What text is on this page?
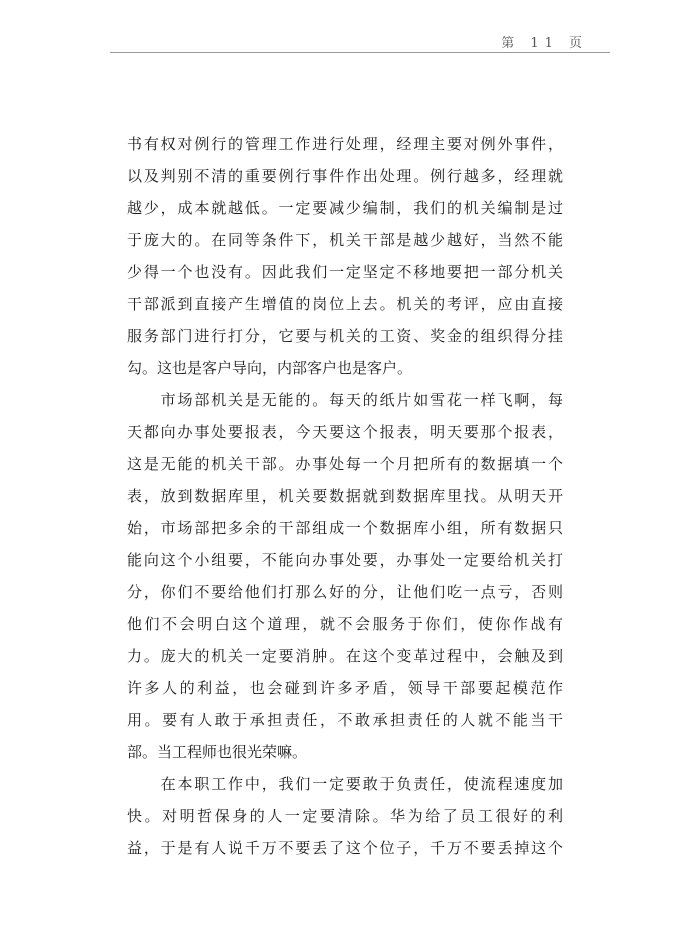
第 11 页
书有权对例行的管理工作进行处理，经理主要对例外事件，
以及判别不清的重要例行事件作出处理。例行越多，经理就
越少，成本就越低。一定要减少编制，我们的机关编制是过
于庞大的。在同等条件下，机关干部是越少越好，当然不能
少得一个也没有。因此我们一定坚定不移地要把一部分机关
干部派到直接产生增值的岗位上去。机关的考评，应由直接
服务部门进行打分，它要与机关的工资、奖金的组织得分挂
勾。这也是客户导向，内部客户也是客户。
　　市场部机关是无能的。每天的纸片如雪花一样飞啊，每
天都向办事处要报表，今天要这个报表，明天要那个报表，
这是无能的机关干部。办事处每一个月把所有的数据填一个
表，放到数据库里，机关要数据就到数据库里找。从明天开
始，市场部把多余的干部组成一个数据库小组，所有数据只
能向这个小组要，不能向办事处要，办事处一定要给机关打
分，你们不要给他们打那么好的分，让他们吃一点亏，否则
他们不会明白这个道理，就不会服务于你们，使你作战有
力。庞大的机关一定要消肿。在这个变革过程中，会触及到
许多人的利益，也会碰到许多矛盾，领导干部要起模范作
用。要有人敢于承担责任，不敢承担责任的人就不能当干
部。当工程师也很光荣嘛。
　　在本职工作中，我们一定要敢于负责任，使流程速度加
快。对明哲保身的人一定要清除。华为给了员工很好的利
益，于是有人说千万不要丢了这个位子，千万不要丢掉这个
